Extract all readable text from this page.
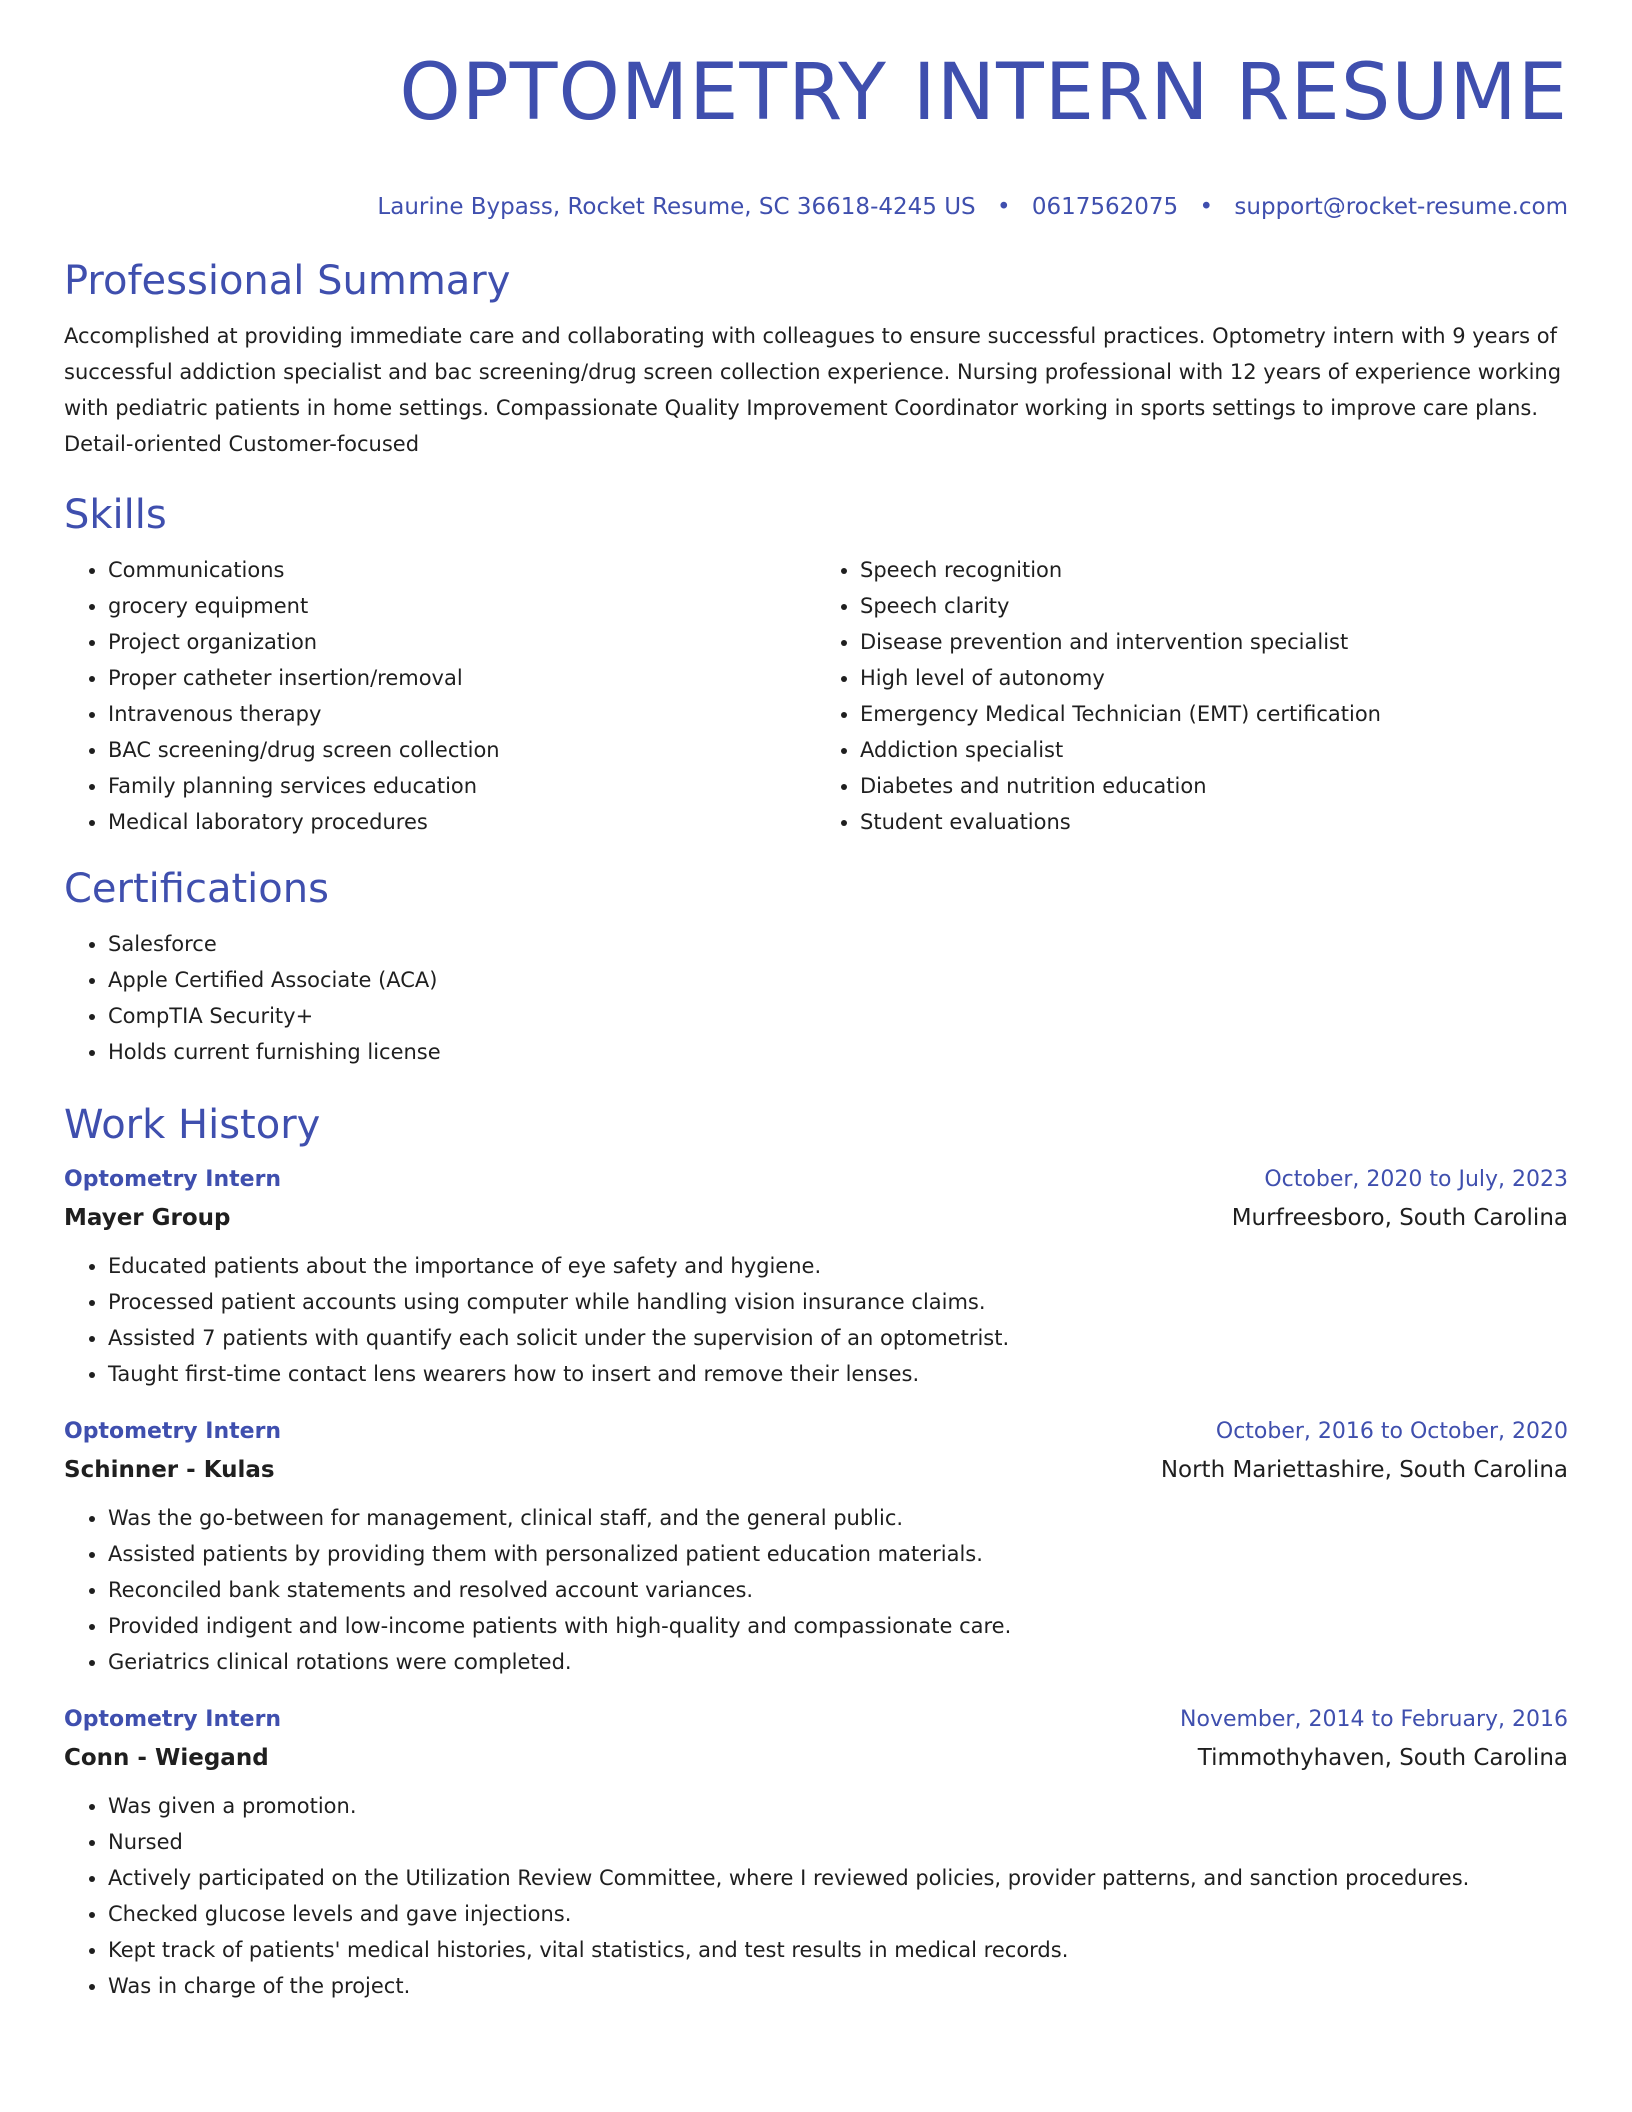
OPTOMETRY INTERN RESUME
Laurine Bypass, Rocket Resume, SC 36618-4245 US • 0617562075 • support@rocket-resume.com
Professional Summary
Accomplished at providing immediate care and collaborating with colleagues to ensure successful practices. Optometry intern with 9 years of successful addiction specialist and bac screening/drug screen collection experience. Nursing professional with 12 years of experience working with pediatric patients in home settings. Compassionate Quality Improvement Coordinator working in sports settings to improve care plans. Detail-oriented Customer-focused
Skills
• Communications
• grocery equipment
• Project organization
• Proper catheter insertion/removal
• Intravenous therapy
• BAC screening/drug screen collection
• Family planning services education
• Medical laboratory procedures
• Speech recognition
• Speech clarity
• Disease prevention and intervention specialist
• High level of autonomy
• Emergency Medical Technician (EMT) certification
• Addiction specialist
• Diabetes and nutrition education
• Student evaluations
Certifications
• Salesforce
• Apple Certified Associate (ACA)
• CompTIA Security+
• Holds current furnishing license
Work History
Optometry Intern	October, 2020 to July, 2023
Mayer Group	Murfreesboro, South Carolina
• Educated patients about the importance of eye safety and hygiene.
• Processed patient accounts using computer while handling vision insurance claims.
• Assisted 7 patients with quantify each solicit under the supervision of an optometrist.
• Taught first-time contact lens wearers how to insert and remove their lenses.
Optometry Intern	October, 2016 to October, 2020
Schinner - Kulas	North Mariettashire, South Carolina
• Was the go-between for management, clinical staff, and the general public.
• Assisted patients by providing them with personalized patient education materials.
• Reconciled bank statements and resolved account variances.
• Provided indigent and low-income patients with high-quality and compassionate care.
• Geriatrics clinical rotations were completed.
Optometry Intern	November, 2014 to February, 2016
Conn - Wiegand	Timmothyhaven, South Carolina
• Was given a promotion.
• Nursed
• Actively participated on the Utilization Review Committee, where I reviewed policies, provider patterns, and sanction procedures.
• Checked glucose levels and gave injections.
• Kept track of patients' medical histories, vital statistics, and test results in medical records.
• Was in charge of the project.
